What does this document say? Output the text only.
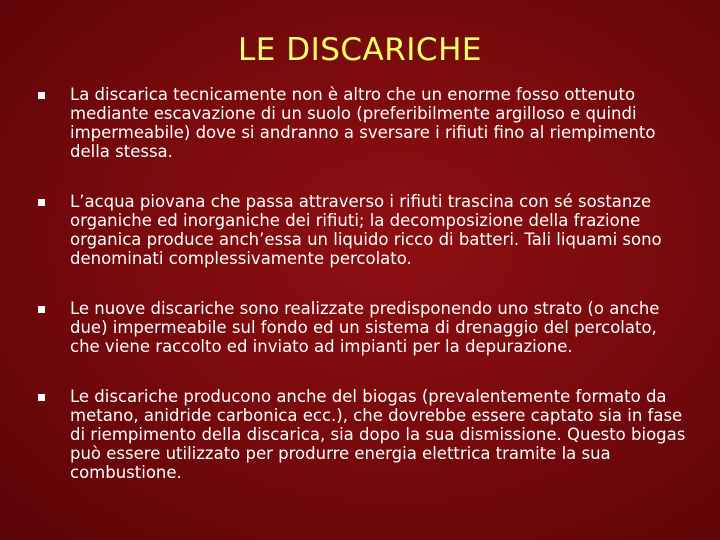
LE DISCARICHE
La discarica tecnicamente non è altro che un enorme fosso ottenuto mediante escavazione di un suolo (preferibilmente argilloso e quindi impermeabile) dove si andranno a sversare i rifiuti fino al riempimento della stessa.
L’acqua piovana che passa attraverso i rifiuti trascina con sé sostanze organiche ed inorganiche dei rifiuti; la decomposizione della frazione organica produce anch’essa un liquido ricco di batteri. Tali liquami sono denominati complessivamente percolato.
Le nuove discariche sono realizzate predisponendo uno strato (o anche due) impermeabile sul fondo ed un sistema di drenaggio del percolato, che viene raccolto ed inviato ad impianti per la depurazione.
Le discariche producono anche del biogas (prevalentemente formato da metano, anidride carbonica ecc.), che dovrebbe essere captato sia in fase di riempimento della discarica, sia dopo la sua dismissione. Questo biogas può essere utilizzato per produrre energia elettrica tramite la sua combustione.
